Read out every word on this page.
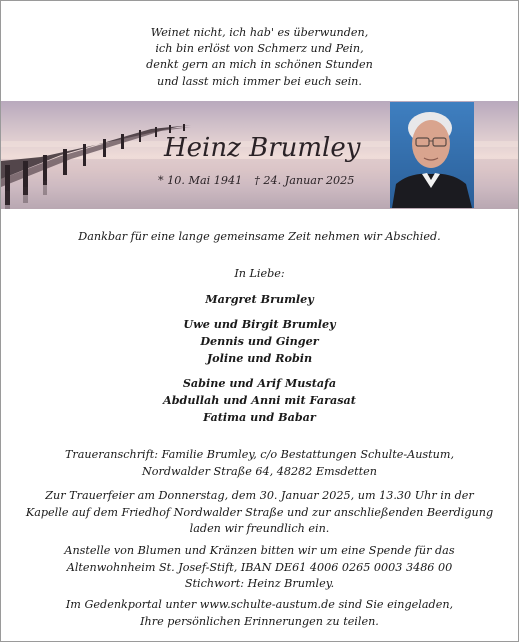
Weinet nicht, ich hab' es überwunden,
ich bin erlöst von Schmerz und Pein,
denkt gern an mich in schönen Stunden
und lasst mich immer bei euch sein.
Heinz Brumley
* 10. Mai 1941 † 24. Januar 2025
Dankbar für eine lange gemeinsame Zeit nehmen wir Abschied.
In Liebe:
Margret Brumley
Uwe und Birgit Brumley
Dennis und Ginger
Joline und Robin
Sabine und Arif Mustafa
Abdullah und Anni mit Farasat
Fatima und Babar
Traueranschrift: Familie Brumley, c/o Bestattungen Schulte-Austum,
Nordwalder Straße 64, 48282 Emsdetten
Zur Trauerfeier am Donnerstag, dem 30. Januar 2025, um 13.30 Uhr in der
Kapelle auf dem Friedhof Nordwalder Straße und zur anschließenden Beerdigung
laden wir freundlich ein.
Anstelle von Blumen und Kränzen bitten wir um eine Spende für das
Altenwohnheim St. Josef-Stift, IBAN DE61 4006 0265 0003 3486 00
Stichwort: Heinz Brumley.
Im Gedenkportal unter www.schulte-austum.de sind Sie eingeladen,
Ihre persönlichen Erinnerungen zu teilen.
